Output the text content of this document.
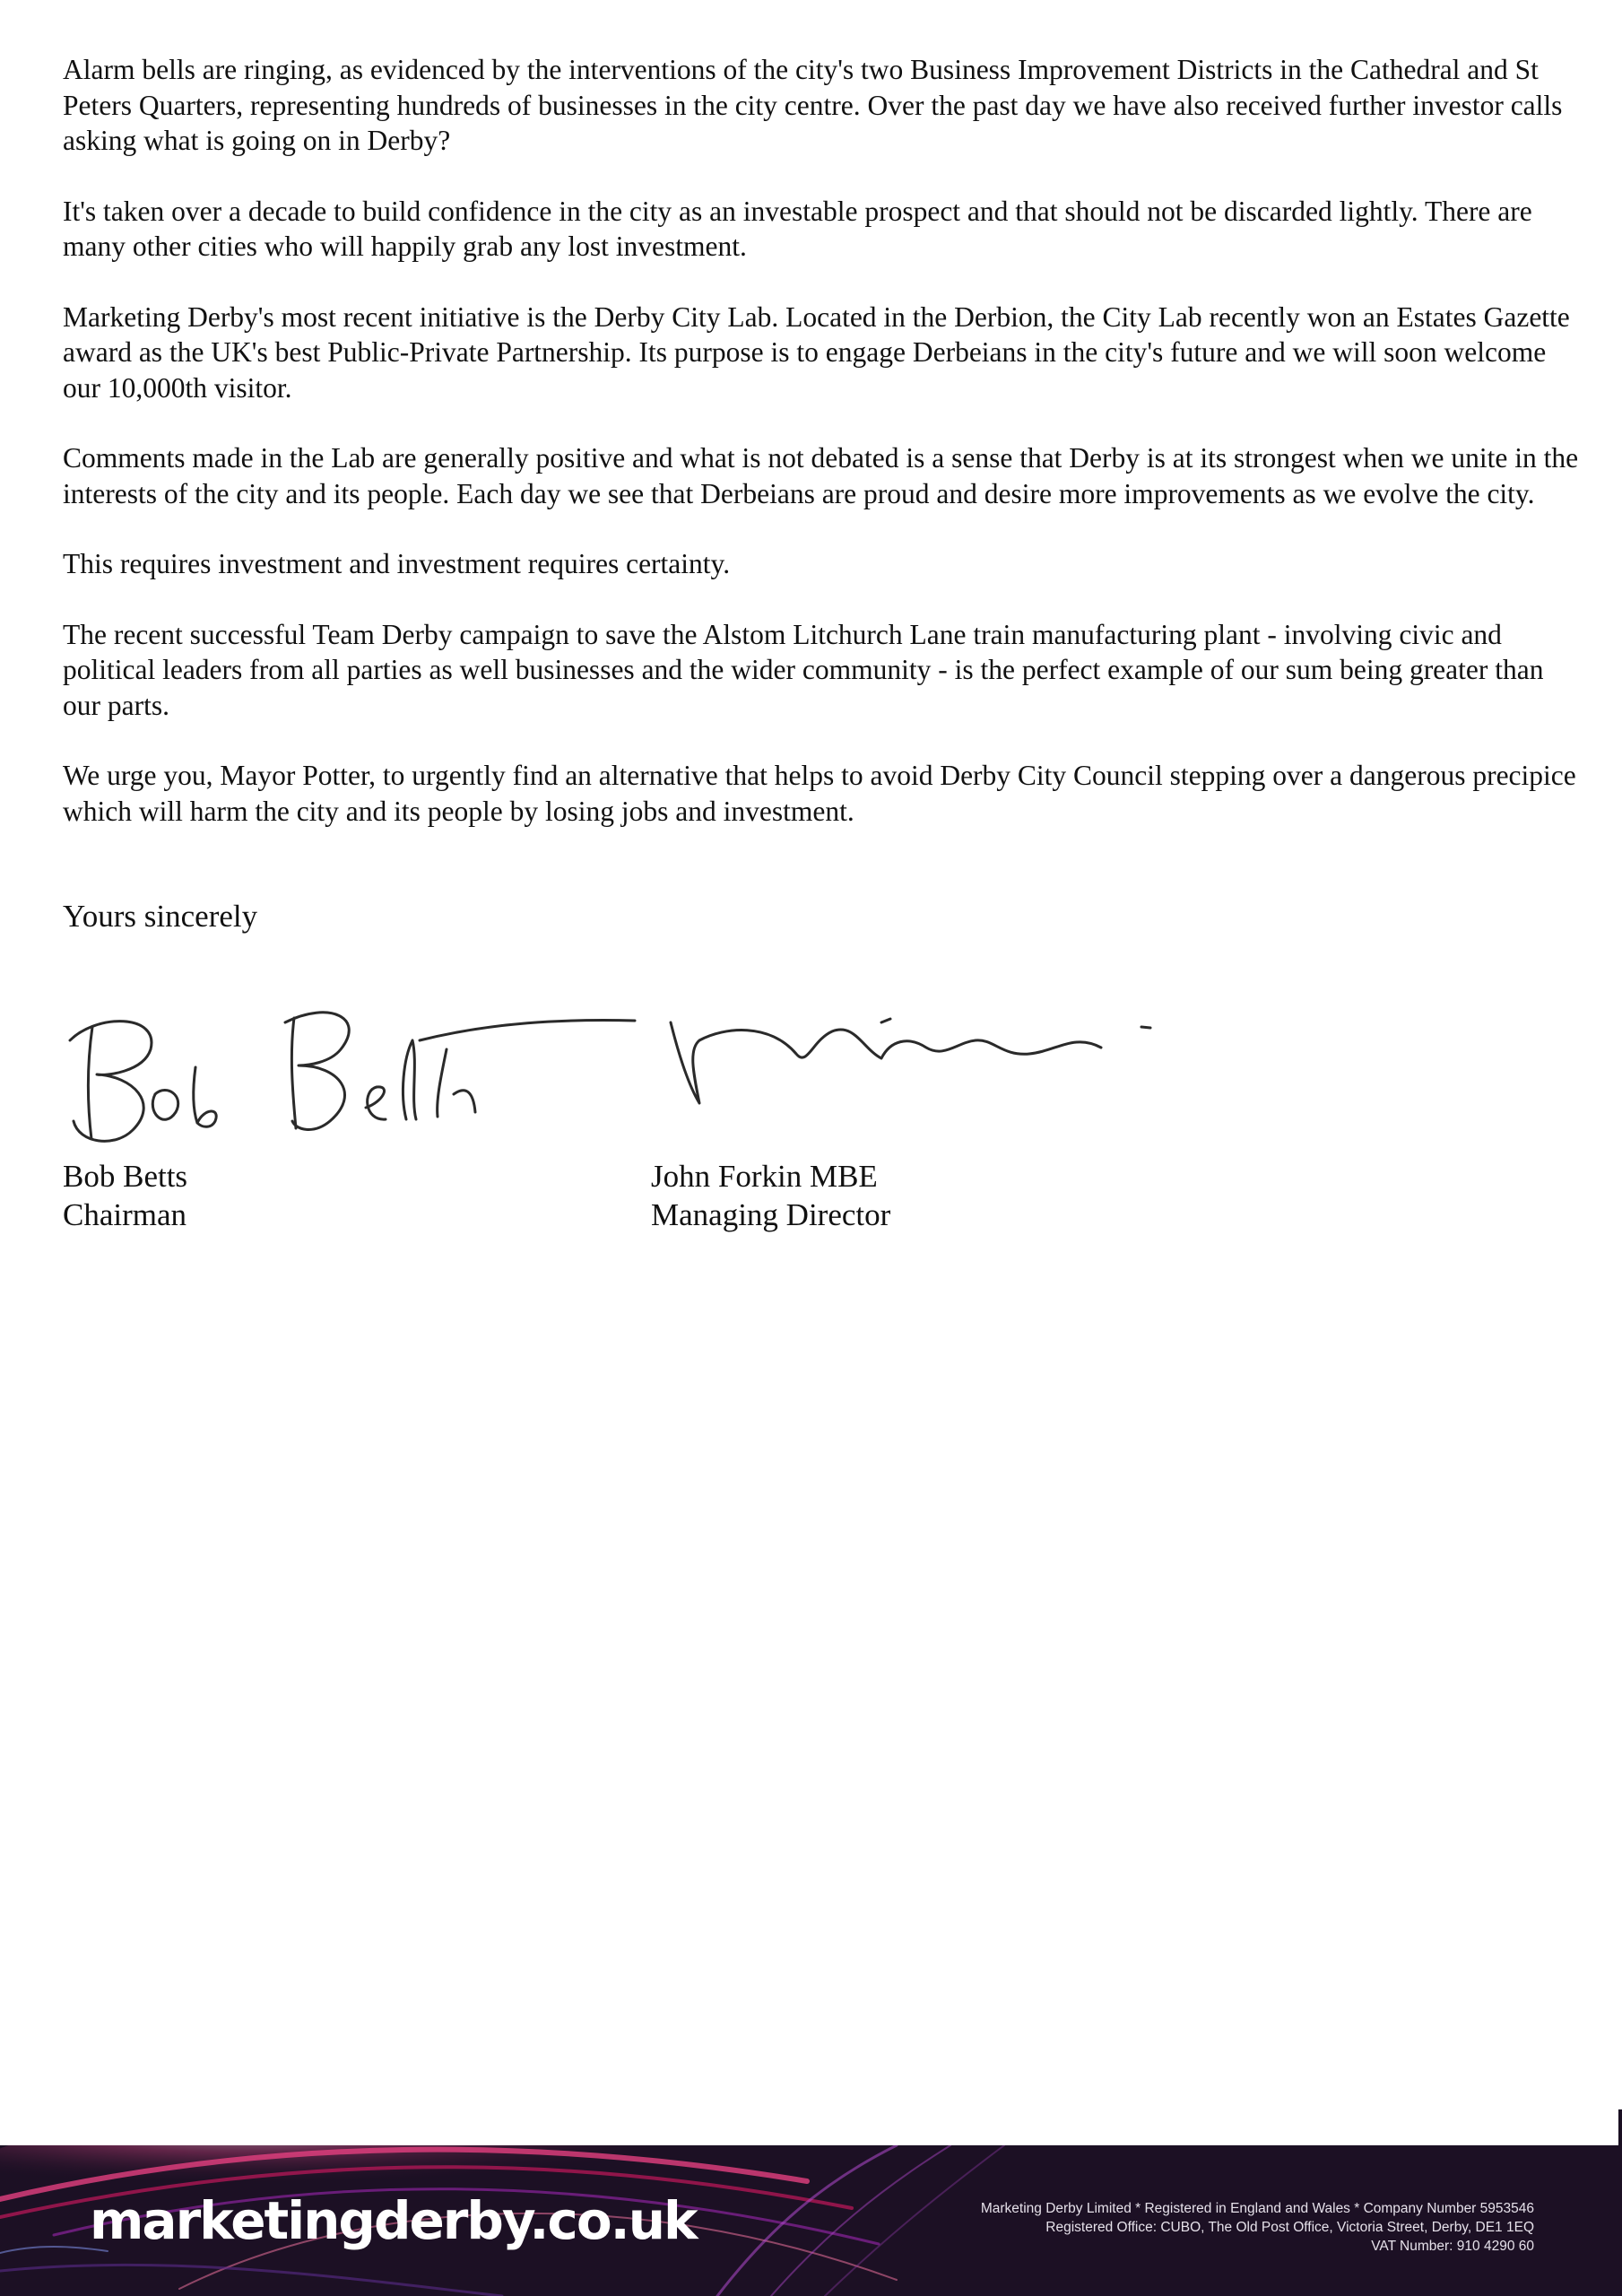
Alarm bells are ringing, as evidenced by the interventions of the city's two Business Improvement Districts in the Cathedral and St Peters Quarters, representing hundreds of businesses in the city centre. Over the past day we have also received further investor calls asking what is going on in Derby?

It's taken over a decade to build confidence in the city as an investable prospect and that should not be discarded lightly. There are many other cities who will happily grab any lost investment.

Marketing Derby's most recent initiative is the Derby City Lab. Located in the Derbion, the City Lab recently won an Estates Gazette award as the UK's best Public-Private Partnership. Its purpose is to engage Derbeians in the city's future and we will soon welcome our 10,000th visitor.

Comments made in the Lab are generally positive and what is not debated is a sense that Derby is at its strongest when we unite in the interests of the city and its people. Each day we see that Derbeians are proud and desire more improvements as we evolve the city.

This requires investment and investment requires certainty.

The recent successful Team Derby campaign to save the Alstom Litchurch Lane train manufacturing plant - involving civic and political leaders from all parties as well businesses and the wider community - is the perfect example of our sum being greater than our parts.

We urge you, Mayor Potter, to urgently find an alternative that helps to avoid Derby City Council stepping over a dangerous precipice which will harm the city and its people by losing jobs and investment.

Yours sincerely

Bob Betts
Chairman
John Forkin MBE
Managing Director
marketingderby.co.uk	Marketing Derby Limited * Registered in England and Wales * Company Number 5953546
Registered Office: CUBO, The Old Post Office, Victoria Street, Derby, DE1 1EQ
VAT Number: 910 4290 60
